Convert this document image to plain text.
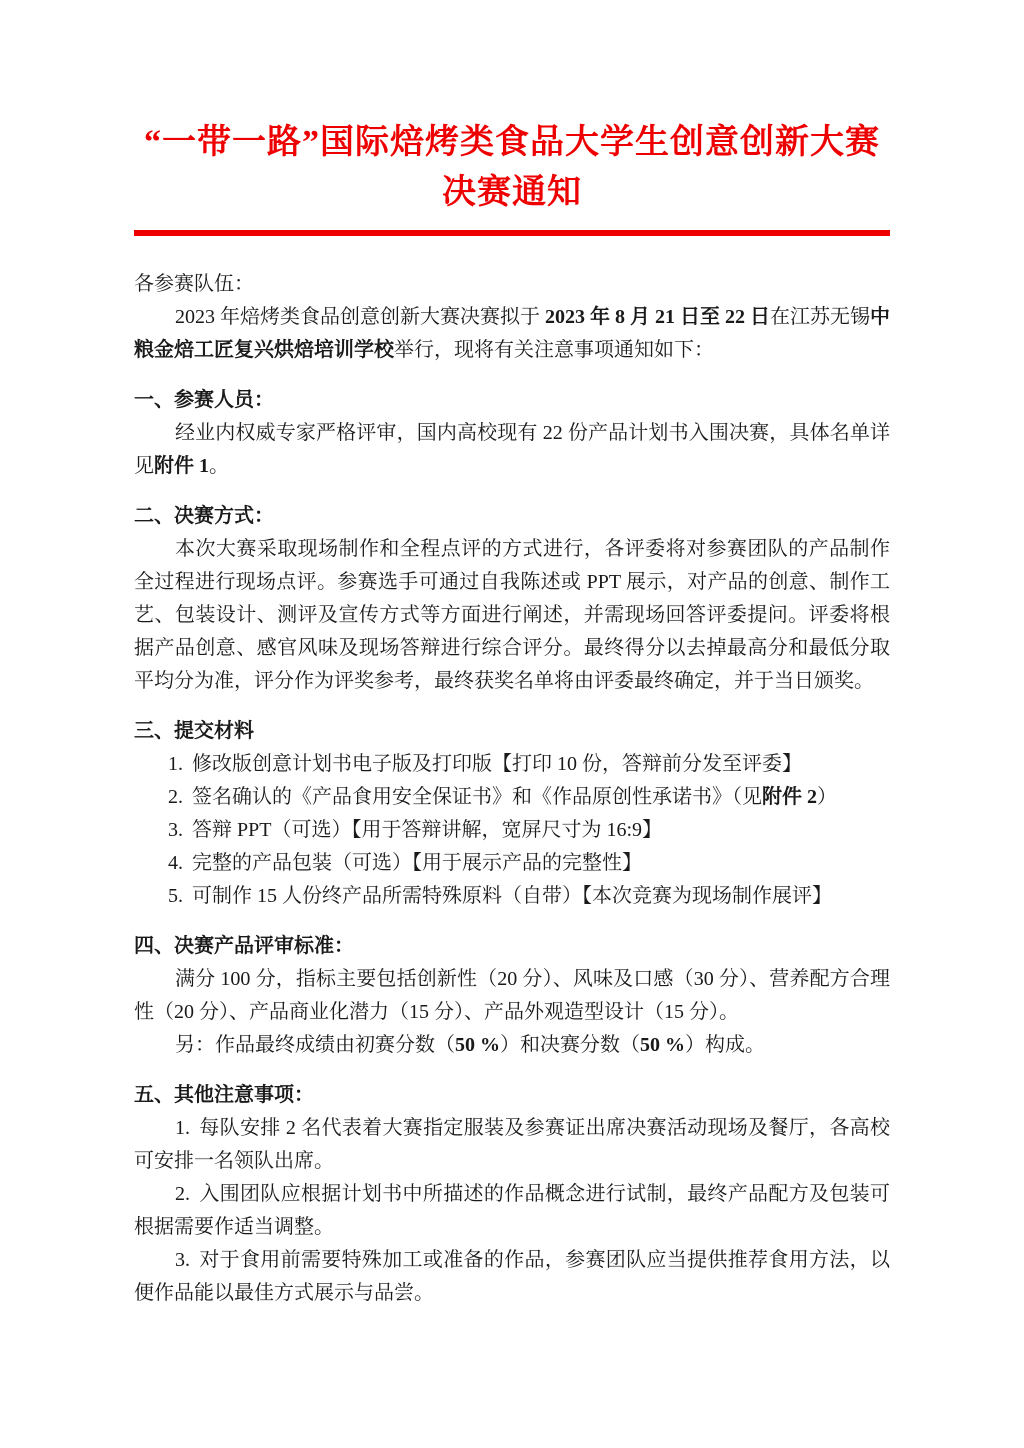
“一带一路”国际焙烤类食品大学生创意创新大赛
决赛通知

各参赛队伍：

2023 年焙烤类食品创意创新大赛决赛拟于 2023 年 8 月 21 日至 22 日在江苏无锡中粮金焙工匠复兴烘焙培训学校举行，现将有关注意事项通知如下：

一、参赛人员：

经业内权威专家严格评审，国内高校现有 22 份产品计划书入围决赛，具体名单详见附件 1。

二、决赛方式：

本次大赛采取现场制作和全程点评的方式进行，各评委将对参赛团队的产品制作全过程进行现场点评。参赛选手可通过自我陈述或 PPT 展示，对产品的创意、制作工艺、包装设计、测评及宣传方式等方面进行阐述，并需现场回答评委提问。评委将根据产品创意、感官风味及现场答辩进行综合评分。最终得分以去掉最高分和最低分取平均分为准，评分作为评奖参考，最终获奖名单将由评委最终确定，并于当日颁奖。

三、提交材料

1. 修改版创意计划书电子版及打印版【打印 10 份，答辩前分发至评委】

2. 签名确认的《产品食用安全保证书》和《作品原创性承诺书》（见附件 2）

3. 答辩 PPT（可选）【用于答辩讲解，宽屏尺寸为 16:9】

4. 完整的产品包装（可选）【用于展示产品的完整性】

5. 可制作 15 人份终产品所需特殊原料（自带）【本次竞赛为现场制作展评】

四、决赛产品评审标准：

满分 100 分，指标主要包括创新性（20 分）、风味及口感（30 分）、营养配方合理性（20 分）、产品商业化潜力（15 分）、产品外观造型设计（15 分）。

另：作品最终成绩由初赛分数（50 %）和决赛分数（50 %）构成。

五、其他注意事项：

1. 每队安排 2 名代表着大赛指定服装及参赛证出席决赛活动现场及餐厅，各高校可安排一名领队出席。

2. 入围团队应根据计划书中所描述的作品概念进行试制，最终产品配方及包装可根据需要作适当调整。

3. 对于食用前需要特殊加工或准备的作品，参赛团队应当提供推荐食用方法，以便作品能以最佳方式展示与品尝。
